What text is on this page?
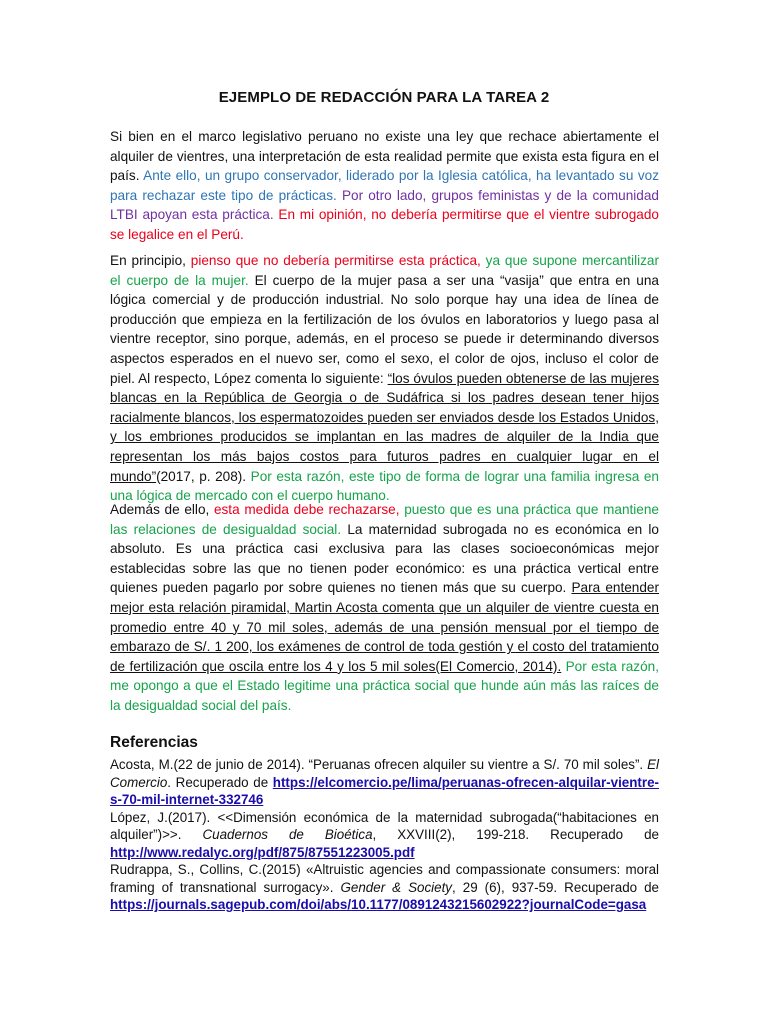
EJEMPLO DE REDACCIÓN PARA LA TAREA 2

Si bien en el marco legislativo peruano no existe una ley que rechace abiertamente el alquiler de vientres, una interpretación de esta realidad permite que exista esta figura en el país. Ante ello, un grupo conservador, liderado por la Iglesia católica, ha levantado su voz para rechazar este tipo de prácticas. Por otro lado, grupos feministas y de la comunidad LTBI apoyan esta práctica. En mi opinión, no debería permitirse que el vientre subrogado se legalice en el Perú.

En principio, pienso que no debería permitirse esta práctica, ya que supone mercantilizar el cuerpo de la mujer. El cuerpo de la mujer pasa a ser una “vasija” que entra en una lógica comercial y de producción industrial. No solo porque hay una idea de línea de producción que empieza en la fertilización de los óvulos en laboratorios y luego pasa al vientre receptor, sino porque, además, en el proceso se puede ir determinando diversos aspectos esperados en el nuevo ser, como el sexo, el color de ojos, incluso el color de piel. Al respecto, López comenta lo siguiente: “los óvulos pueden obtenerse de las mujeres blancas en la República de Georgia o de Sudáfrica si los padres desean tener hijos racialmente blancos, los espermatozoides pueden ser enviados desde los Estados Unidos, y los embriones producidos se implantan en las madres de alquiler de la India que representan los más bajos costos para futuros padres en cualquier lugar en el mundo”(2017, p. 208). Por esta razón, este tipo de forma de lograr una familia ingresa en una lógica de mercado con el cuerpo humano.

Además de ello, esta medida debe rechazarse, puesto que es una práctica que mantiene las relaciones de desigualdad social. La maternidad subrogada no es económica en lo absoluto. Es una práctica casi exclusiva para las clases socioeconómicas mejor establecidas sobre las que no tienen poder económico: es una práctica vertical entre quienes pueden pagarlo por sobre quienes no tienen más que su cuerpo. Para entender mejor esta relación piramidal, Martin Acosta comenta que un alquiler de vientre cuesta en promedio entre 40 y 70 mil soles, además de una pensión mensual por el tiempo de embarazo de S/. 1 200, los exámenes de control de toda gestión y el costo del tratamiento de fertilización que oscila entre los 4 y los 5 mil soles(El Comercio, 2014). Por esta razón, me opongo a que el Estado legitime una práctica social que hunde aún más las raíces de la desigualdad social del país.

Referencias

Acosta, M.(22 de junio de 2014). “Peruanas ofrecen alquiler su vientre a S/. 70 mil soles”. El Comercio. Recuperado de https://elcomercio.pe/lima/peruanas-ofrecen-alquilar-vientre-s-70-mil-internet-332746

López, J.(2017). <<Dimensión económica de la maternidad subrogada(“habitaciones en alquiler”)>>. Cuadernos de Bioética, XXVIII(2), 199-218. Recuperado de http://www.redalyc.org/pdf/875/87551223005.pdf

Rudrappa, S., Collins, C.(2015) «Altruistic agencies and compassionate consumers: moral framing of transnational surrogacy». Gender & Society, 29 (6), 937-59. Recuperado de https://journals.sagepub.com/doi/abs/10.1177/0891243215602922?journalCode=gasa
